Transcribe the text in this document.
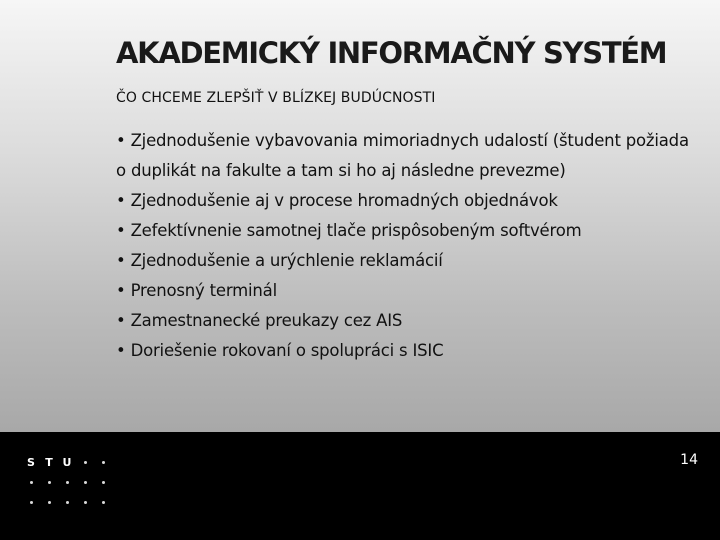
AKADEMICKÝ INFORMAČNÝ SYSTÉM

ČO CHCEME ZLEPŠIŤ V BLÍZKEJ BUDÚCNOSTI

• Zjednodušenie vybavovania mimoriadnych udalostí (študent požiada o duplikát na fakulte a tam si ho aj následne prevezme)
• Zjednodušenie aj v procese hromadných objednávok
• Zefektívnenie samotnej tlače prispôsobeným softvérom
• Zjednodušenie a urýchlenie reklamácií
• Prenosný terminál
• Zamestnanecké preukazy cez AIS
• Doriešenie rokovaní o spolupráci s ISIC
S T U	14
